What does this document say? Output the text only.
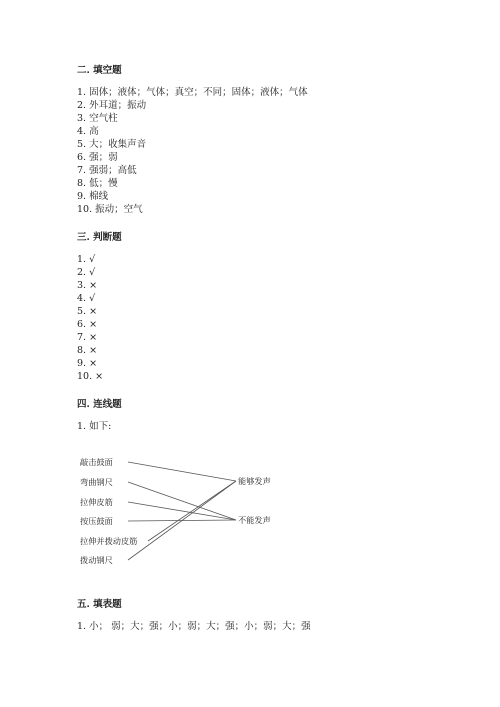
二. 填空题
1. 固体；液体；气体；真空；不同；固体；液体；气体
2. 外耳道；振动
3. 空气柱
4. 高
5. 大；收集声音
6. 强；弱
7. 强弱；高低
8. 低；慢
9. 棉线
10. 振动；空气
三. 判断题
1. √
2. √
3. ×
4. √
5. ×
6. ×
7. ×
8. ×
9. ×
10. ×
四. 连线题
1. 如下:
敲击鼓面
弯曲钢尺
拉伸皮筋
按压鼓面
拉伸并拨动皮筋
拨动钢尺
能够发声
不能发声
五. 填表题
1. 小； 弱；大；强；小；弱；大；强；小；弱；大；强
